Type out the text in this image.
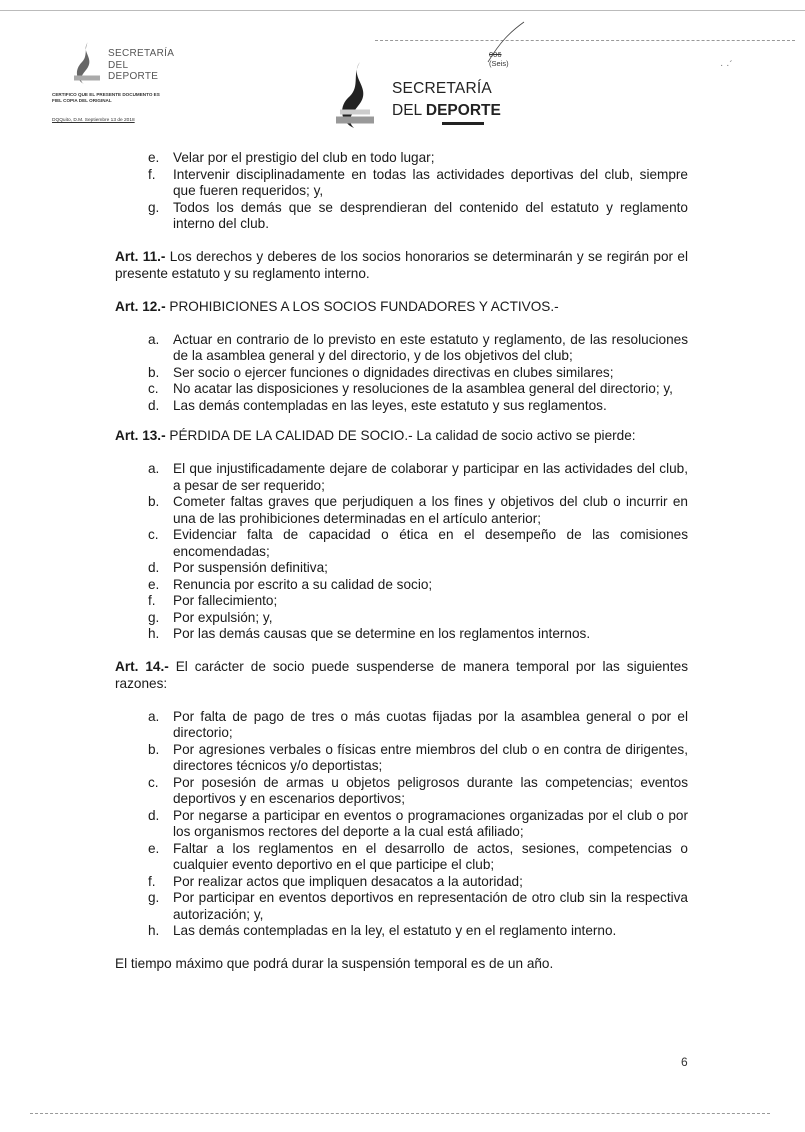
SECRETARÍA
DEL DEPORTE
CERTIFICO QUE EL PRESENTE DOCUMENTO ES FIEL COPIA DEL ORIGINAL
DQQuito, D.M. Septiembre 13 de 2018
006
(Seis)
SECRETARÍA
DEL DEPORTE
· ·´
e. Velar por el prestigio del club en todo lugar;
f. Intervenir disciplinadamente en todas las actividades deportivas del club, siempre que fueren requeridos; y,
g. Todos los demás que se desprendieran del contenido del estatuto y reglamento interno del club.

Art. 11.- Los derechos y deberes de los socios honorarios se determinarán y se regirán por el presente estatuto y su reglamento interno.

Art. 12.- PROHIBICIONES A LOS SOCIOS FUNDADORES Y ACTIVOS.-

a. Actuar en contrario de lo previsto en este estatuto y reglamento, de las resoluciones de la asamblea general y del directorio, y de los objetivos del club;
b. Ser socio o ejercer funciones o dignidades directivas en clubes similares;
c. No acatar las disposiciones y resoluciones de la asamblea general del directorio; y,
d. Las demás contempladas en las leyes, este estatuto y sus reglamentos.

Art. 13.- PÉRDIDA DE LA CALIDAD DE SOCIO.- La calidad de socio activo se pierde:

a. El que injustificadamente dejare de colaborar y participar en las actividades del club, a pesar de ser requerido;
b. Cometer faltas graves que perjudiquen a los fines y objetivos del club o incurrir en una de las prohibiciones determinadas en el artículo anterior;
c. Evidenciar falta de capacidad o ética en el desempeño de las comisiones encomendadas;
d. Por suspensión definitiva;
e. Renuncia por escrito a su calidad de socio;
f. Por fallecimiento;
g. Por expulsión; y,
h. Por las demás causas que se determine en los reglamentos internos.

Art. 14.- El carácter de socio puede suspenderse de manera temporal por las siguientes razones:

a. Por falta de pago de tres o más cuotas fijadas por la asamblea general o por el directorio;
b. Por agresiones verbales o físicas entre miembros del club o en contra de dirigentes, directores técnicos y/o deportistas;
c. Por posesión de armas u objetos peligrosos durante las competencias; eventos deportivos y en escenarios deportivos;
d. Por negarse a participar en eventos o programaciones organizadas por el club o por los organismos rectores del deporte a la cual está afiliado;
e. Faltar a los reglamentos en el desarrollo de actos, sesiones, competencias o cualquier evento deportivo en el que participe el club;
f. Por realizar actos que impliquen desacatos a la autoridad;
g. Por participar en eventos deportivos en representación de otro club sin la respectiva autorización; y,
h. Las demás contempladas en la ley, el estatuto y en el reglamento interno.

El tiempo máximo que podrá durar la suspensión temporal es de un año.

6
